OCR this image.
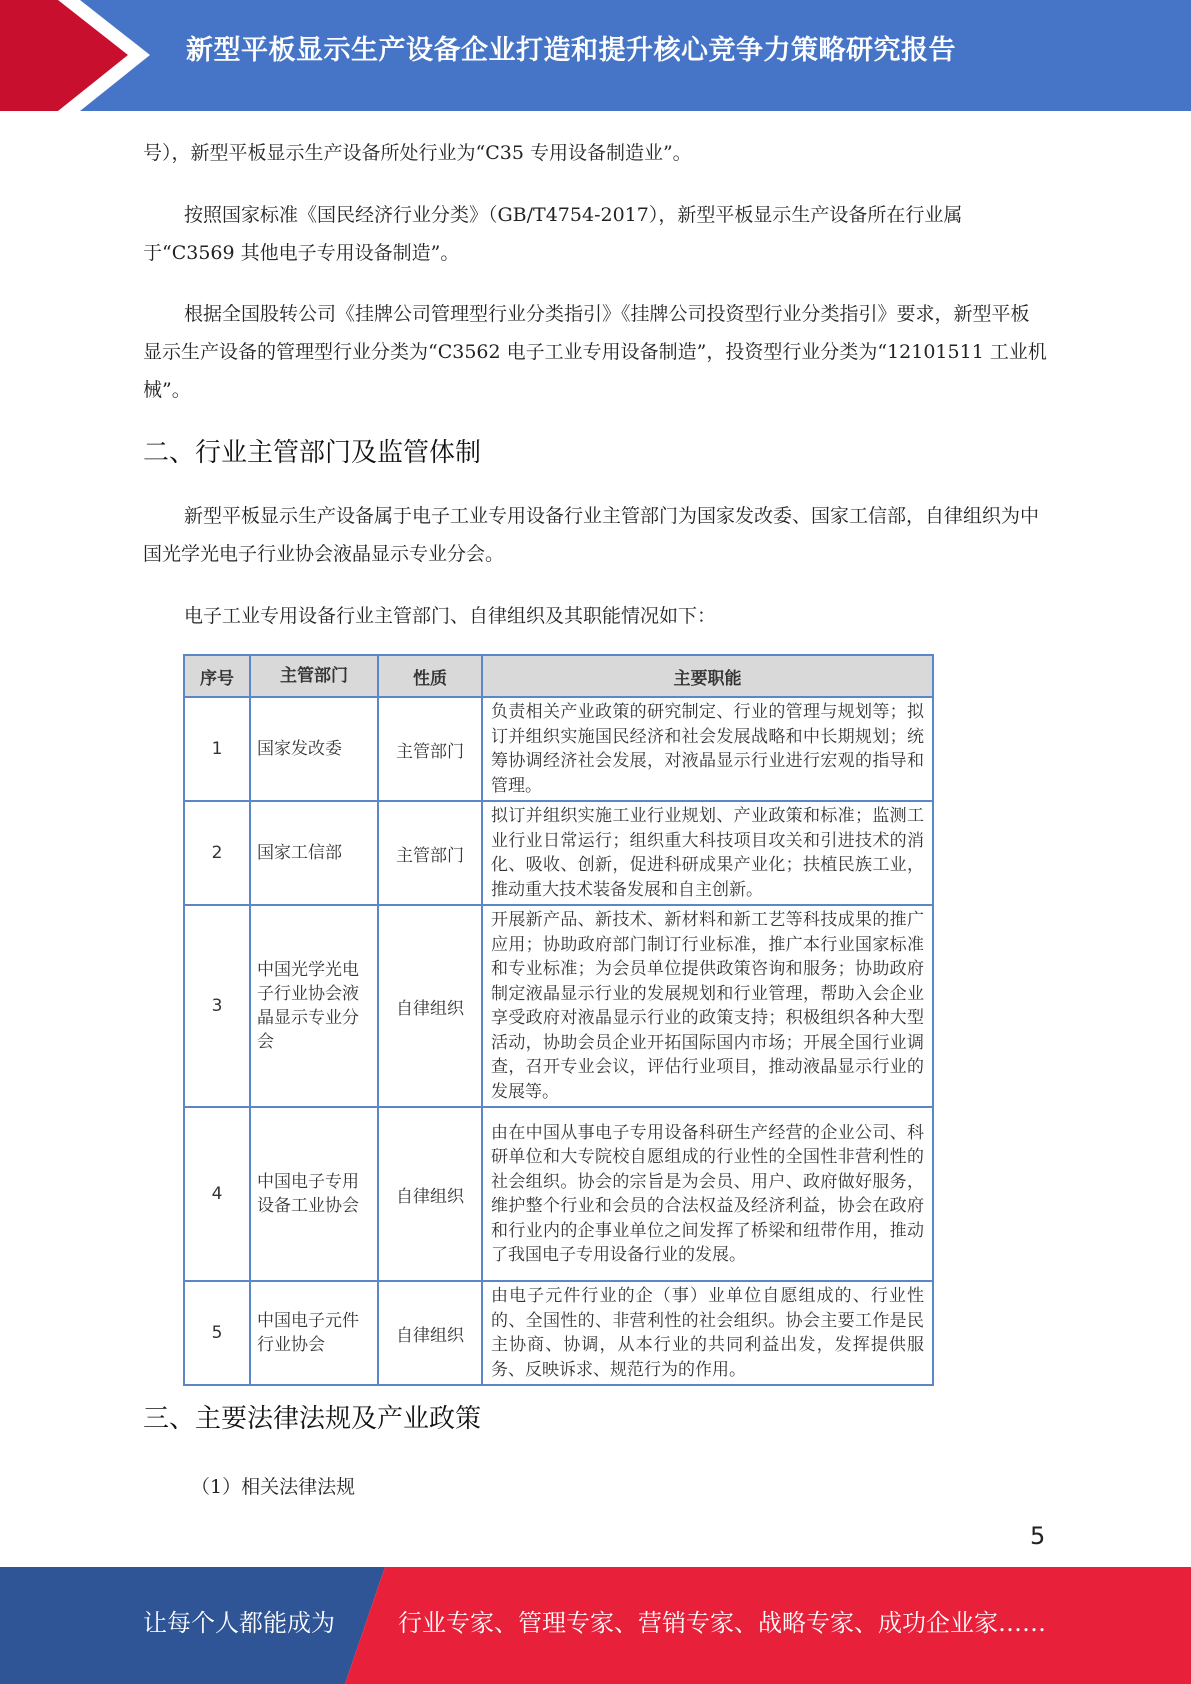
新型平板显示生产设备企业打造和提升核心竞争力策略研究报告
号），新型平板显示生产设备所处行业为“C35 专用设备制造业”。
按照国家标准《国民经济行业分类》（GB/T4754-2017），新型平板显示生产设备所在行业属于“C3569 其他电子专用设备制造”。
根据全国股转公司《挂牌公司管理型行业分类指引》《挂牌公司投资型行业分类指引》要求，新型平板显示生产设备的管理型行业分类为“C3562 电子工业专用设备制造”，投资型行业分类为“12101511 工业机械”。
二、行业主管部门及监管体制
新型平板显示生产设备属于电子工业专用设备行业主管部门为国家发改委、国家工信部，自律组织为中国光学光电子行业协会液晶显示专业分会。
电子工业专用设备行业主管部门、自律组织及其职能情况如下：
三、主要法律法规及产业政策
（1）相关法律法规
序号	主管部门	性质	主要职能
1	国家发改委	主管部门	负责相关产业政策的研究制定、行业的管理与规划等；拟订并组织实施国民经济和社会发展战略和中长期规划；统筹协调经济社会发展，对液晶显示行业进行宏观的指导和管理。
2	国家工信部	主管部门	拟订并组织实施工业行业规划、产业政策和标准；监测工业行业日常运行；组织重大科技项目攻关和引进技术的消化、吸收、创新，促进科研成果产业化；扶植民族工业，推动重大技术装备发展和自主创新。
3	中国光学光电子行业协会液晶显示专业分会	自律组织	开展新产品、新技术、新材料和新工艺等科技成果的推广应用；协助政府部门制订行业标准，推广本行业国家标准和专业标准；为会员单位提供政策咨询和服务；协助政府制定液晶显示行业的发展规划和行业管理，帮助入会企业享受政府对液晶显示行业的政策支持；积极组织各种大型活动，协助会员企业开拓国际国内市场；开展全国行业调查，召开专业会议，评估行业项目，推动液晶显示行业的发展等。
4	中国电子专用设备工业协会	自律组织	由在中国从事电子专用设备科研生产经营的企业公司、科研单位和大专院校自愿组成的行业性的全国性非营利性的社会组织。协会的宗旨是为会员、用户、政府做好服务，维护整个行业和会员的合法权益及经济利益，协会在政府和行业内的企事业单位之间发挥了桥梁和纽带作用，推动了我国电子专用设备行业的发展。
5	中国电子元件行业协会	自律组织	由电子元件行业的企（事）业单位自愿组成的、行业性的、全国性的、非营利性的社会组织。协会主要工作是民主协商、协调，从本行业的共同利益出发，发挥提供服务、反映诉求、规范行为的作用。
5
让每个人都能成为	行业专家、管理专家、营销专家、战略专家、成功企业家……
